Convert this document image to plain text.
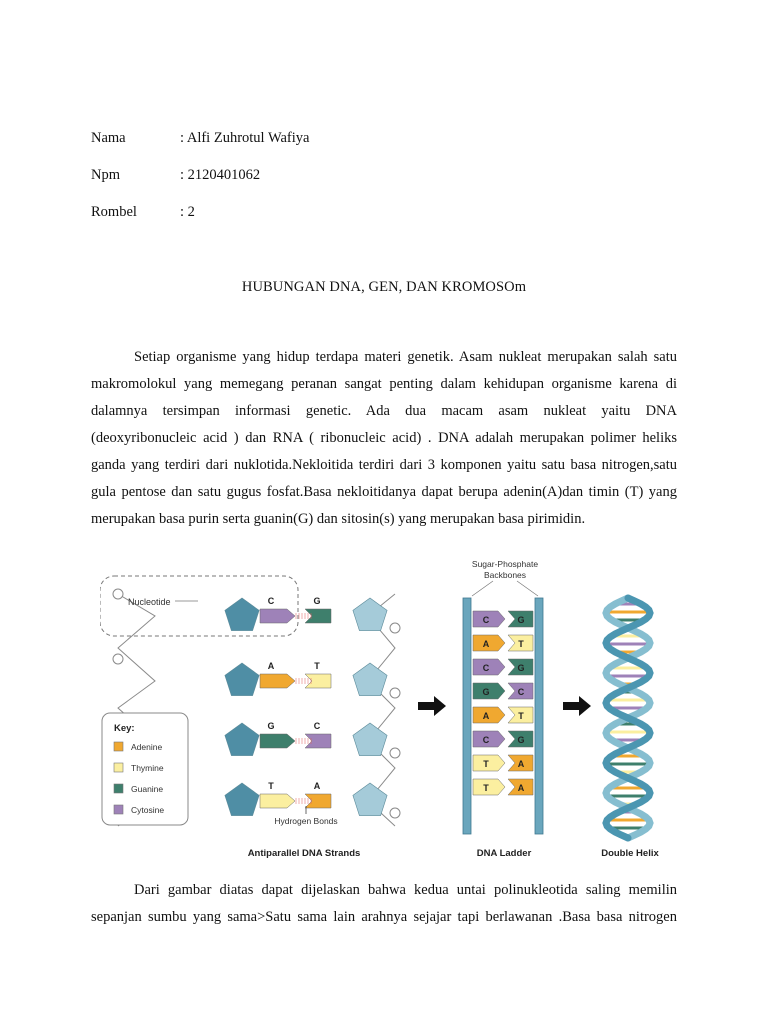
Nama	: Alfi Zuhrotul Wafiya
Npm	: 2120401062
Rombel	: 2
HUBUNGAN DNA, GEN, DAN KROMOSOm
Setiap organisme yang hidup terdapa materi genetik. Asam nukleat merupakan salah satu
makromolokul yang memegang peranan sangat penting dalam kehidupan organisme karena di
dalamnya tersimpan informasi genetic. Ada dua macam asam nukleat yaitu DNA
(deoxyribonucleic acid ) dan RNA ( ribonucleic acid) . DNA adalah merupakan polimer heliks
ganda yang terdiri dari nuklotida.Nekloitida terdiri dari 3 komponen yaitu satu basa nitrogen,satu
gula pentose dan satu gugus fosfat.Basa nekloitidanya dapat berupa adenin(A)dan timin (T) yang
merupakan basa purin serta guanin(G) dan sitosin(s) yang merupakan basa pirimidin.
Nucleotide	C	G
A	T
G	C
T	A
Hydrogen Bonds
Key:
Adenine
Thymine
Guanine
Cytosine
Sugar-Phosphate
Backbones
C	G
A	T
C	G
G	C
A	T
C	G
T	A
T	A
Antiparallel DNA Strands	DNA Ladder	Double Helix
Dari gambar diatas dapat dijelaskan bahwa kedua untai polinukleotida saling memilin
sepanjan sumbu yang sama>Satu sama lain arahnya sejajar tapi berlawanan .Basa basa nitrogen
